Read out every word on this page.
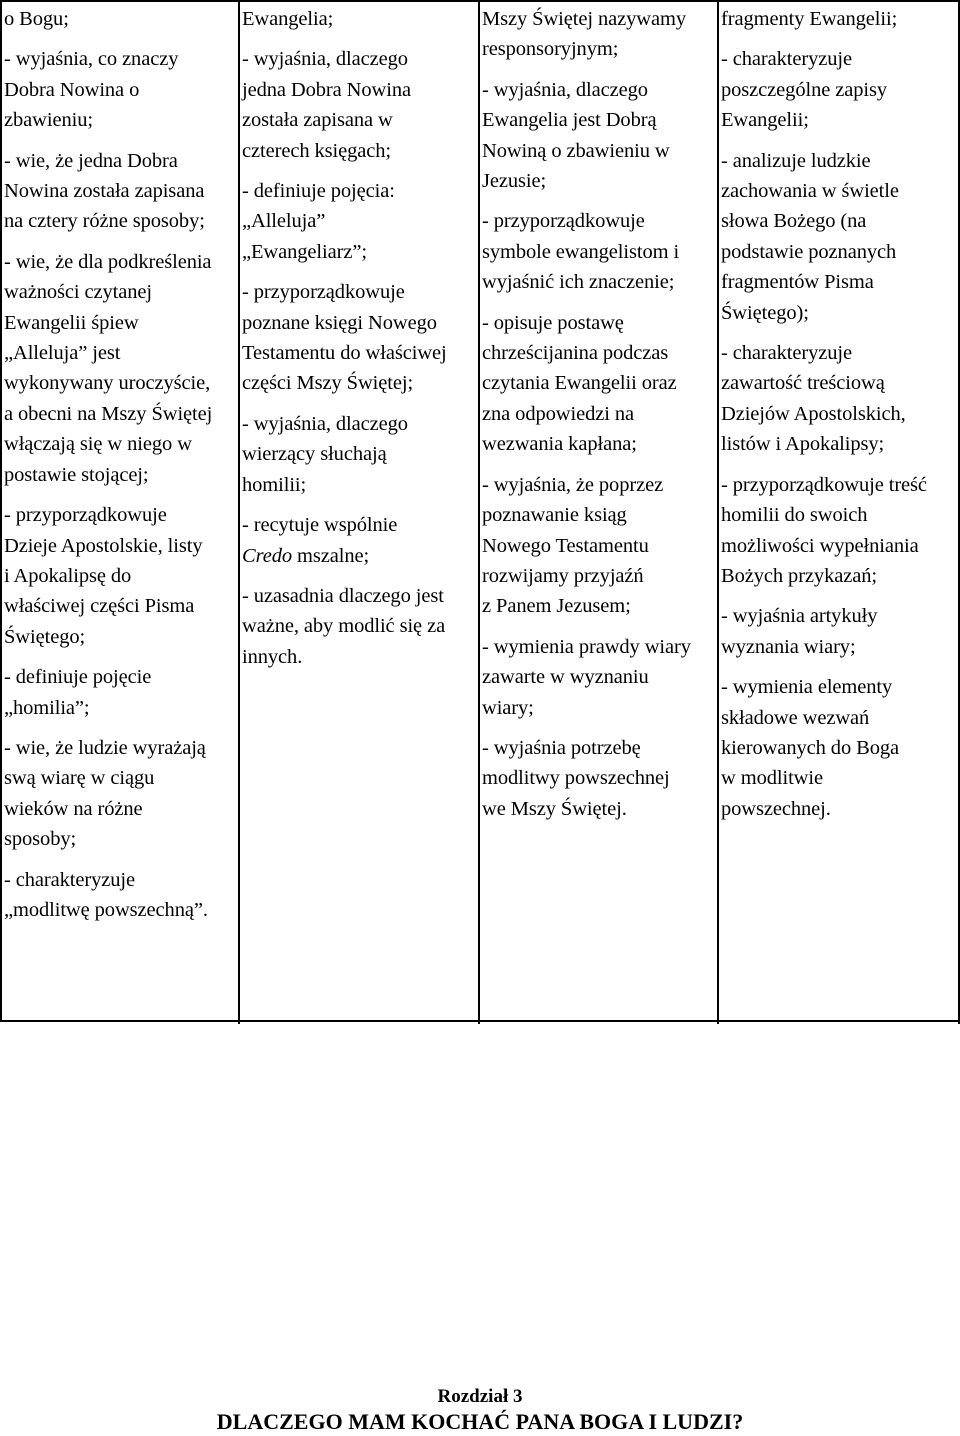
o Bogu;

- wyjaśnia, co znaczy

Dobra Nowina o

zbawieniu;

- wie, że jedna Dobra

Nowina została zapisana

na cztery różne sposoby;

- wie, że dla podkreślenia

ważności czytanej

Ewangelii śpiew

„Alleluja” jest

wykonywany uroczyście,

a obecni na Mszy Świętej

włączają się w niego w

postawie stojącej;

- przyporządkowuje

Dzieje Apostolskie, listy

i Apokalipsę do

właściwej części Pisma

Świętego;

- definiuje pojęcie

„homilia”;

- wie, że ludzie wyrażają

swą wiarę w ciągu

wieków na różne

sposoby;

- charakteryzuje

„modlitwę powszechną”.

Ewangelia;

- wyjaśnia, dlaczego

jedna Dobra Nowina

została zapisana w

czterech księgach;

- definiuje pojęcia:

„Alleluja”

„Ewangeliarz”;

- przyporządkowuje

poznane księgi Nowego

Testamentu do właściwej

części Mszy Świętej;

- wyjaśnia, dlaczego

wierzący słuchają

homilii;

- recytuje wspólnie

Credo mszalne;

- uzasadnia dlaczego jest

ważne, aby modlić się za

innych.

Mszy Świętej nazywamy

responsoryjnym;

- wyjaśnia, dlaczego

Ewangelia jest Dobrą

Nowiną o zbawieniu w

Jezusie;

- przyporządkowuje

symbole ewangelistom i

wyjaśnić ich znaczenie;

- opisuje postawę

chrześcijanina podczas

czytania Ewangelii oraz

zna odpowiedzi na

wezwania kapłana;

- wyjaśnia, że poprzez

poznawanie ksiąg

Nowego Testamentu

rozwijamy przyjaźń

z Panem Jezusem;

- wymienia prawdy wiary

zawarte w wyznaniu

wiary;

- wyjaśnia potrzebę

modlitwy powszechnej

we Mszy Świętej.

fragmenty Ewangelii;

- charakteryzuje

poszczególne zapisy

Ewangelii;

- analizuje ludzkie

zachowania w świetle

słowa Bożego (na

podstawie poznanych

fragmentów Pisma

Świętego);

- charakteryzuje

zawartość treściową

Dziejów Apostolskich,

listów i Apokalipsy;

- przyporządkowuje treść

homilii do swoich

możliwości wypełniania

Bożych przykazań;

- wyjaśnia artykuły

wyznania wiary;

- wymienia elementy

składowe wezwań

kierowanych do Boga

w modlitwie

powszechnej.

Rozdział 3
DLACZEGO MAM KOCHAĆ PANA BOGA I LUDZI?
